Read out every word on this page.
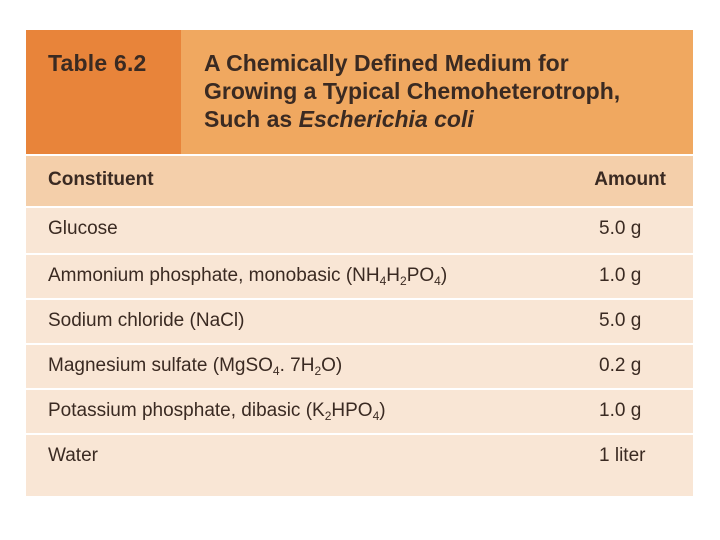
Table 6.2 A Chemically Defined Medium for
Growing a Typical Chemoheterotroph,
Such as Escherichia coli
Constituent	Amount
Glucose	5.0 g
Ammonium phosphate, monobasic $(NH_4H_2PO_4)$	1.0 g
Sodium chloride (NaCl)	5.0 g
Magnesium sulfate (MgSO$_4$. $7H_2O$)	0.2 g
Potassium phosphate, dibasic $(K_2HPO_4)$	1.0 g
Water	1 liter
